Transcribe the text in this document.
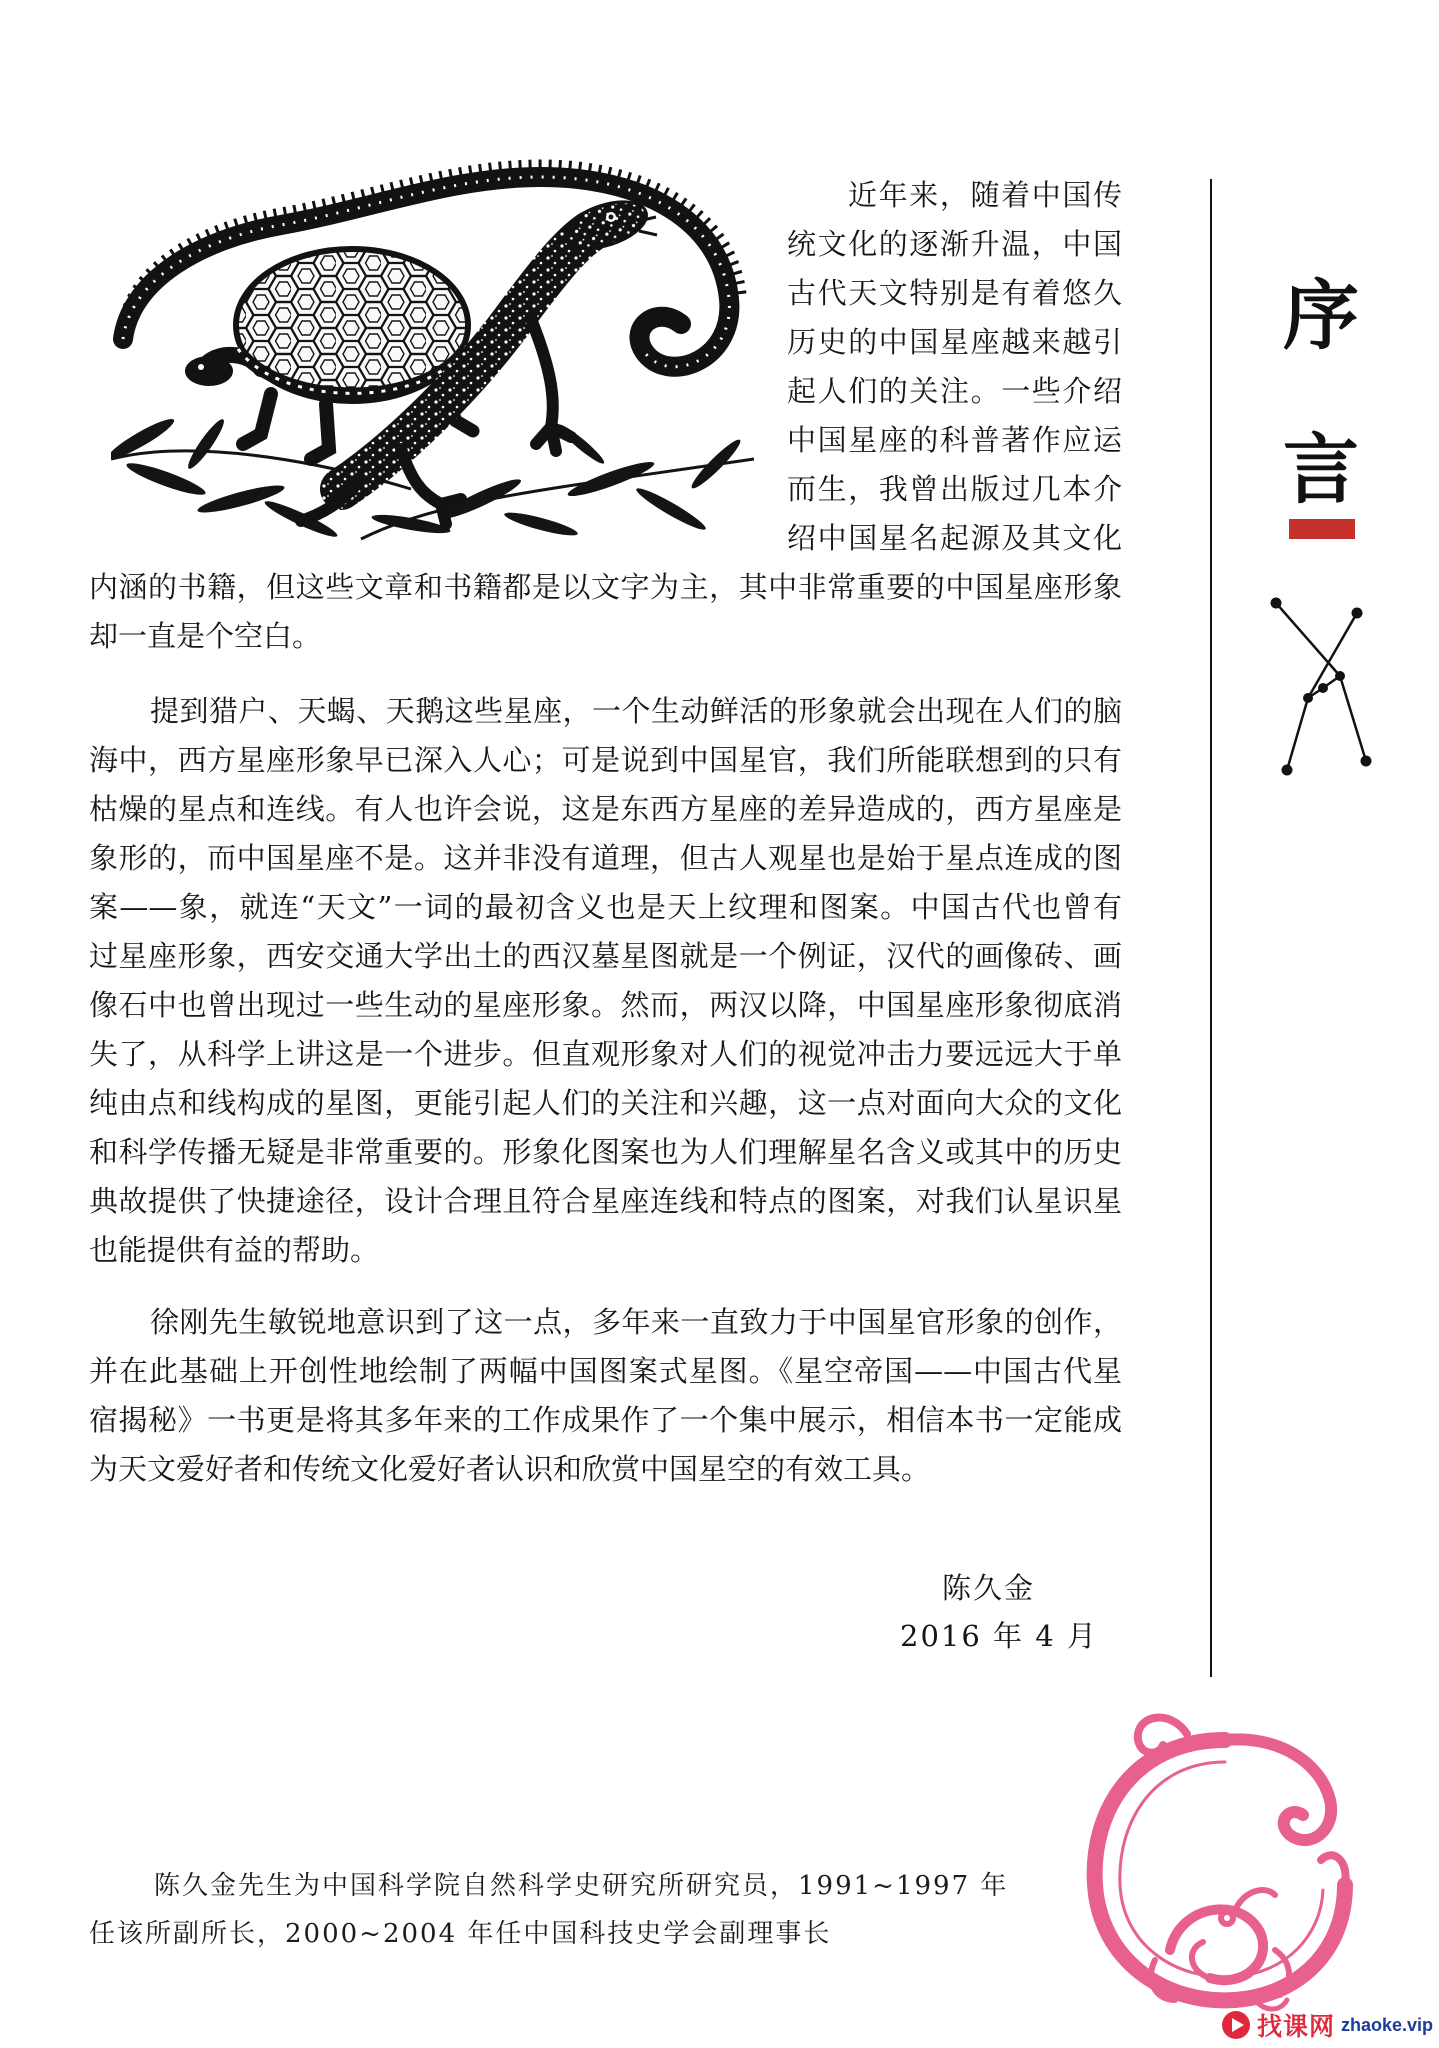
近年来，随着中国传
统文化的逐渐升温，中国
古代天文特别是有着悠久
历史的中国星座越来越引
起人们的关注。一些介绍
中国星座的科普著作应运
而生，我曾出版过几本介
绍中国星名起源及其文化
内涵的书籍，但这些文章和书籍都是以文字为主，其中非常重要的中国星座形象
却一直是个空白。
提到猎户、天蝎、天鹅这些星座，一个生动鲜活的形象就会出现在人们的脑
海中，西方星座形象早已深入人心；可是说到中国星官，我们所能联想到的只有
枯燥的星点和连线。有人也许会说，这是东西方星座的差异造成的，西方星座是
象形的，而中国星座不是。这并非没有道理，但古人观星也是始于星点连成的图
案——象，就连“天文”一词的最初含义也是天上纹理和图案。中国古代也曾有
过星座形象，西安交通大学出土的西汉墓星图就是一个例证，汉代的画像砖、画
像石中也曾出现过一些生动的星座形象。然而，两汉以降，中国星座形象彻底消
失了，从科学上讲这是一个进步。但直观形象对人们的视觉冲击力要远远大于单
纯由点和线构成的星图，更能引起人们的关注和兴趣，这一点对面向大众的文化
和科学传播无疑是非常重要的。形象化图案也为人们理解星名含义或其中的历史
典故提供了快捷途径，设计合理且符合星座连线和特点的图案，对我们认星识星
也能提供有益的帮助。
徐刚先生敏锐地意识到了这一点，多年来一直致力于中国星官形象的创作，
并在此基础上开创性地绘制了两幅中国图案式星图。《星空帝国——中国古代星
宿揭秘》一书更是将其多年来的工作成果作了一个集中展示，相信本书一定能成
为天文爱好者和传统文化爱好者认识和欣赏中国星空的有效工具。
陈久金
2016 年 4 月
序
言
陈久金先生为中国科学院自然科学史研究所研究员，1991~1997 年
任该所副所长，2000~2004 年任中国科技史学会副理事长
找课网 zhaoke.vip
